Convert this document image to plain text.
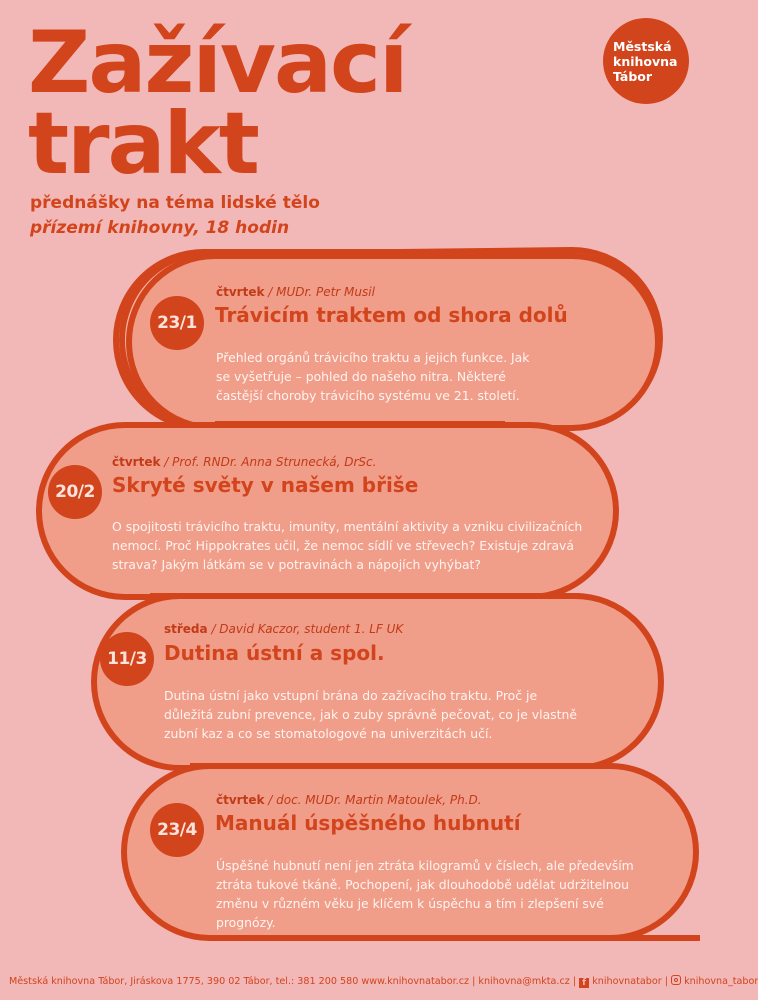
Zažívací
trakt

přednášky na téma lidské tělo

přízemí knihovny, 18 hodin

Městská
knihovna
Tábor
23/1
čtvrtek / MUDr. Petr Musil
Trávicím traktem od shora dolů

Přehled orgánů trávicího traktu a jejich funkce. Jak se vyšetřuje – pohled do našeho nitra. Některé častější choroby trávicího systému ve 21. století.

20/2
čtvrtek / Prof. RNDr. Anna Strunecká, DrSc.
Skryté světy v našem břiše

O spojitosti trávicího traktu, imunity, mentální aktivity a vzniku civilizačních nemocí. Proč Hippokrates učil, že nemoc sídlí ve střevech? Existuje zdravá strava? Jakým látkám se v potravinách a nápojích vyhýbat?

11/3
středa / David Kaczor, student 1. LF UK
Dutina ústní a spol.

Dutina ústní jako vstupní brána do zažívacího traktu. Proč je důležitá zubní prevence, jak o zuby správně pečovat, co je vlastně zubní kaz a co se stomatologové na univerzitách učí.

23/4
čtvrtek / doc. MUDr. Martin Matoulek, Ph.D.
Manuál úspěšného hubnutí

Úspěšné hubnutí není jen ztráta kilogramů v číslech, ale především ztráta tukové tkáně. Pochopení, jak dlouhodobě udělat udržitelnou změnu v různém věku je klíčem k úspěchu a tím i zlepšení své prognózy.

Městská knihovna Tábor, Jiráskova 1775, 390 02 Tábor, tel.: 381 200 580 www.knihovnatabor.cz | knihovna@mkta.cz | f knihovnatabor | knihovna_tabor
